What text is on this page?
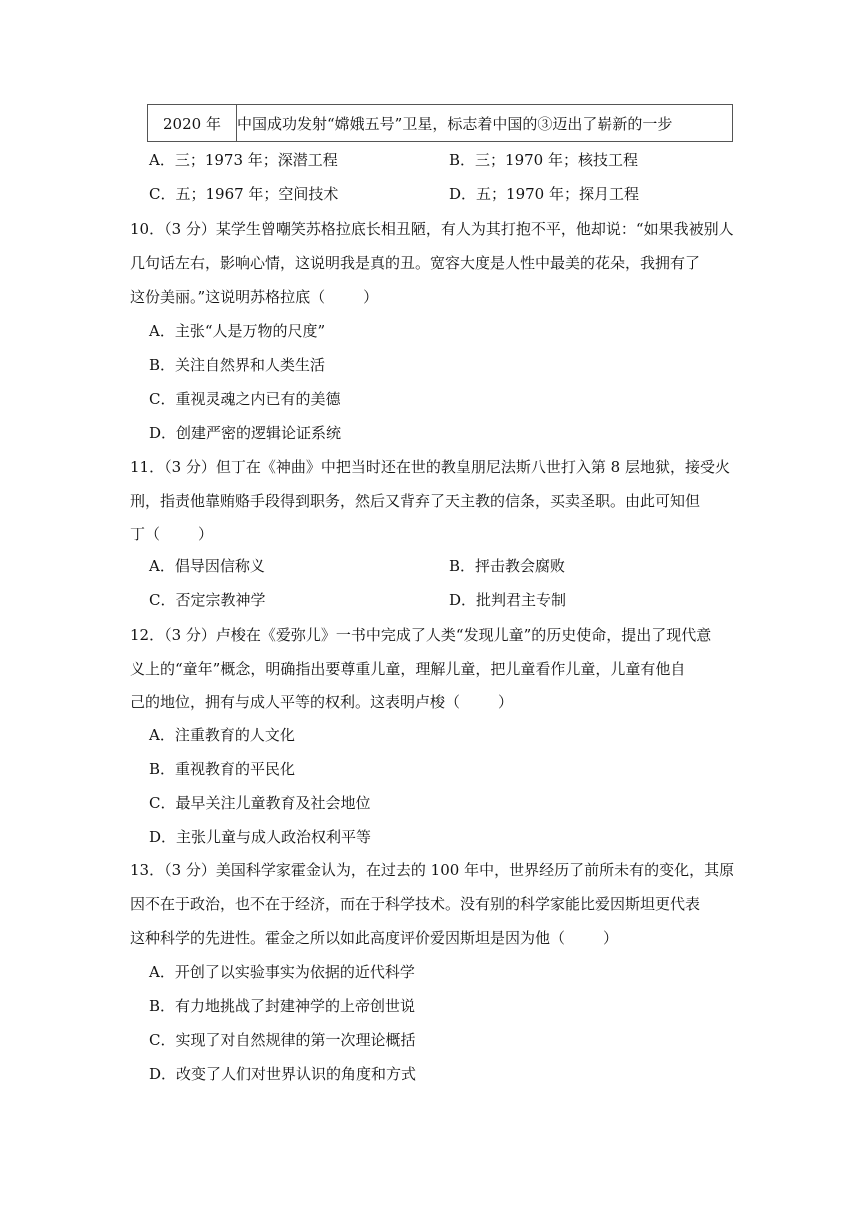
2020 年	中国成功发射“嫦娥五号”卫星，标志着中国的③迈出了崭新的一步
A．三；1973 年；深潜工程	B．三；1970 年；核技工程
C．五；1967 年；空间技术	D．五；1970 年；探月工程
10．（3 分）某学生曾嘲笑苏格拉底长相丑陋，有人为其打抱不平，他却说：“如果我被别人
几句话左右，影响心情，这说明我是真的丑。宽容大度是人性中最美的花朵，我拥有了
这份美丽。”这说明苏格拉底（	）
A．主张“人是万物的尺度”
B．关注自然界和人类生活
C．重视灵魂之内已有的美德
D．创建严密的逻辑论证系统
11．（3 分）但丁在《神曲》中把当时还在世的教皇朋尼法斯八世打入第 8 层地狱，接受火
刑，指责他靠贿赂手段得到职务，然后又背弃了天主教的信条，买卖圣职。由此可知但
丁（	）
A．倡导因信称义	B．抨击教会腐败
C．否定宗教神学	D．批判君主专制
12．（3 分）卢梭在《爱弥儿》一书中完成了人类“发现儿童”的历史使命，提出了现代意
义上的“童年”概念，明确指出要尊重儿童，理解儿童，把儿童看作儿童，儿童有他自
己的地位，拥有与成人平等的权利。这表明卢梭（	）
A．注重教育的人文化
B．重视教育的平民化
C．最早关注儿童教育及社会地位
D．主张儿童与成人政治权利平等
13．（3 分）美国科学家霍金认为，在过去的 100 年中，世界经历了前所未有的变化，其原
因不在于政治，也不在于经济，而在于科学技术。没有别的科学家能比爱因斯坦更代表
这种科学的先进性。霍金之所以如此高度评价爱因斯坦是因为他（	）
A．开创了以实验事实为依据的近代科学
B．有力地挑战了封建神学的上帝创世说
C．实现了对自然规律的第一次理论概括
D．改变了人们对世界认识的角度和方式
